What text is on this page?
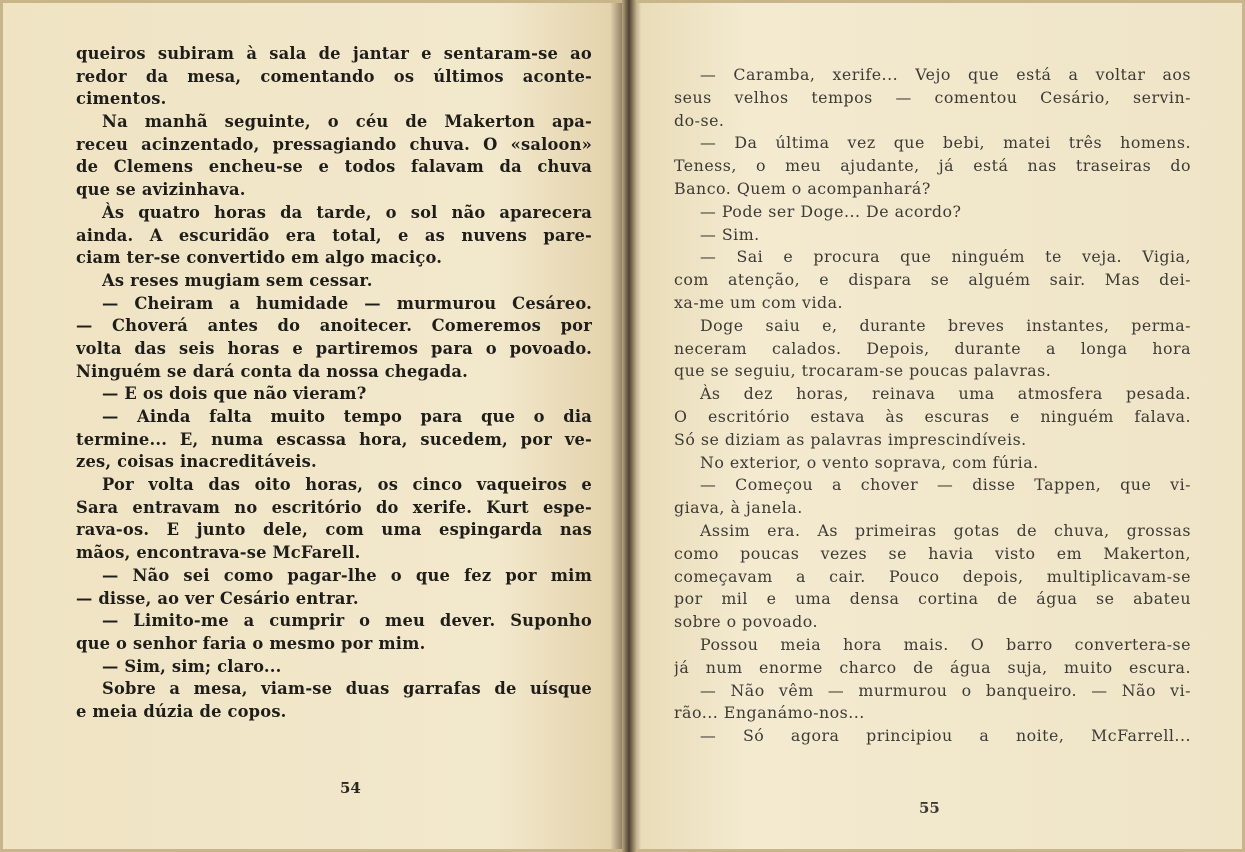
queiros subiram à sala de jantar e sentaram-se ao
redor da mesa, comentando os últimos aconte-
cimentos.
Na manhã seguinte, o céu de Makerton apa-
receu acinzentado, pressagiando chuva. O «saloon»
de Clemens encheu-se e todos falavam da chuva
que se avizinhava.
Às quatro horas da tarde, o sol não aparecera
ainda. A escuridão era total, e as nuvens pare-
ciam ter-se convertido em algo maciço.
As reses mugiam sem cessar.
— Cheiram a humidade — murmurou Cesáreo.
— Choverá antes do anoitecer. Comeremos por
volta das seis horas e partiremos para o povoado.
Ninguém se dará conta da nossa chegada.
— E os dois que não vieram?
— Ainda falta muito tempo para que o dia
termine... E, numa escassa hora, sucedem, por ve-
zes, coisas inacreditáveis.
Por volta das oito horas, os cinco vaqueiros e
Sara entravam no escritório do xerife. Kurt espe-
rava-os. E junto dele, com uma espingarda nas
mãos, encontrava-se McFarell.
— Não sei como pagar-lhe o que fez por mim
— disse, ao ver Cesário entrar.
— Limito-me a cumprir o meu dever. Suponho
que o senhor faria o mesmo por mim.
— Sim, sim; claro...
Sobre a mesa, viam-se duas garrafas de uísque
e meia dúzia de copos.
54
— Caramba, xerife... Vejo que está a voltar aos
seus velhos tempos — comentou Cesário, servin-
do-se.
— Da última vez que bebi, matei três homens.
Teness, o meu ajudante, já está nas traseiras do
Banco. Quem o acompanhará?
— Pode ser Doge... De acordo?
— Sim.
— Sai e procura que ninguém te veja. Vigia,
com atenção, e dispara se alguém sair. Mas dei-
xa-me um com vida.
Doge saiu e, durante breves instantes, perma-
neceram calados. Depois, durante a longa hora
que se seguiu, trocaram-se poucas palavras.
Às dez horas, reinava uma atmosfera pesada.
O escritório estava às escuras e ninguém falava.
Só se diziam as palavras imprescindíveis.
No exterior, o vento soprava, com fúria.
— Começou a chover — disse Tappen, que vi-
giava, à janela.
Assim era. As primeiras gotas de chuva, grossas
como poucas vezes se havia visto em Makerton,
começavam a cair. Pouco depois, multiplicavam-se
por mil e uma densa cortina de água se abateu
sobre o povoado.
Possou meia hora mais. O barro convertera-se
já num enorme charco de água suja, muito escura.
— Não vêm — murmurou o banqueiro. — Não vi-
rão... Enganámo-nos...
— Só agora principiou a noite, McFarrell...
55
